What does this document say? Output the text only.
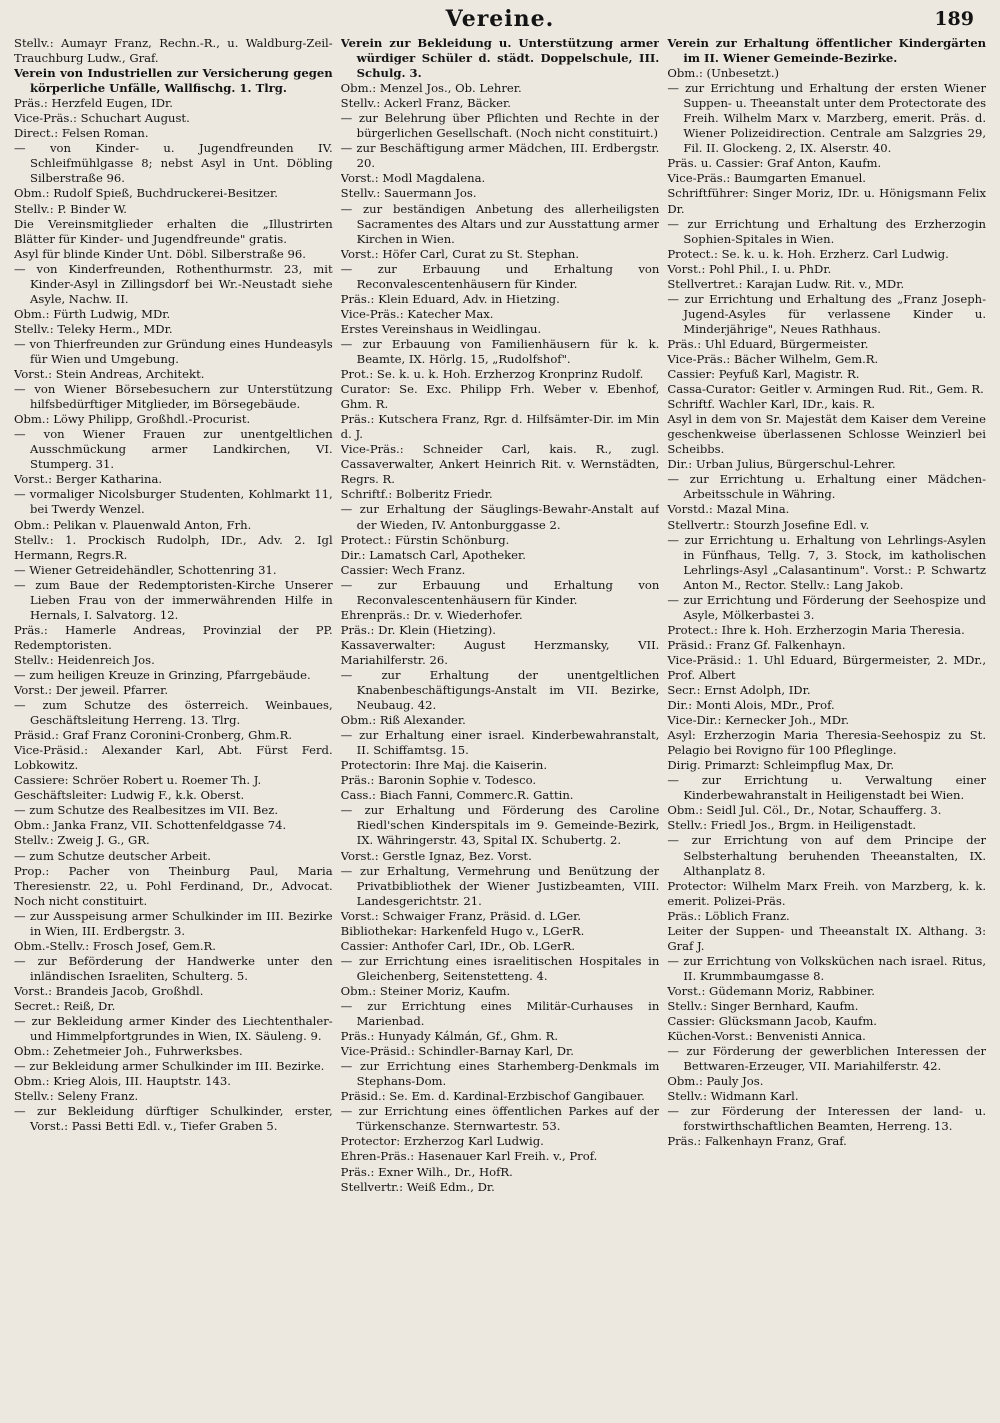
Vereine.	189

Stellv.: Aumayr Franz, Rechn.-R., u. Waldburg-Zeil-Trauchburg Ludw., Graf.

Verein von Industriellen zur Versicherung gegen körperliche Unfälle, Wallfischg. 1. Tlrg.

Präs.: Herzfeld Eugen, IDr.

Vice-Präs.: Schuchart August.

Direct.: Felsen Roman.

— von Kinder- u. Jugendfreunden IV. Schleifmühlgasse 8; nebst Asyl in Unt. Döbling Silberstraße 96.

Obm.: Rudolf Spieß, Buchdruckerei-Besitzer.

Stellv.: P. Binder W.

Die Vereinsmitglieder erhalten die „Illustrirten Blätter für Kinder- und Jugendfreunde" gratis.

Asyl für blinde Kinder Unt. Döbl. Silberstraße 96.

— von Kinderfreunden, Rothenthurmstr. 23, mit Kinder-Asyl in Zillingsdorf bei Wr.-Neustadt siehe Asyle, Nachw. II.

Obm.: Fürth Ludwig, MDr.

Stellv.: Teleky Herm., MDr.

— von Thierfreunden zur Gründung eines Hundeasyls für Wien und Umgebung.

Vorst.: Stein Andreas, Architekt.

— von Wiener Börsebesuchern zur Unterstützung hilfsbedürftiger Mitglieder, im Börsegebäude.

Obm.: Löwy Philipp, Großhdl.-Procurist.

— von Wiener Frauen zur unentgeltlichen Ausschmückung armer Landkirchen, VI. Stumperg. 31.

Vorst.: Berger Katharina.

— vormaliger Nicolsburger Studenten, Kohlmarkt 11, bei Twerdy Wenzel.

Obm.: Pelikan v. Plauenwald Anton, Frh.

Stellv.: 1. Prockisch Rudolph, IDr., Adv. 2. Igl Hermann, Regrs.R.

— Wiener Getreidehändler, Schottenring 31.

— zum Baue der Redemptoristen-Kirche Unserer Lieben Frau von der immerwährenden Hilfe in Hernals, I. Salvatorg. 12.

Präs.: Hamerle Andreas, Provinzial der PP. Redemptoristen.

Stellv.: Heidenreich Jos.

— zum heiligen Kreuze in Grinzing, Pfarrgebäude.

Vorst.: Der jeweil. Pfarrer.

— zum Schutze des österreich. Weinbaues, Geschäftsleitung Herreng. 13. Tlrg.

Präsid.: Graf Franz Coronini-Cronberg, Ghm.R.

Vice-Präsid.: Alexander Karl, Abt. Fürst Ferd. Lobkowitz.

Cassiere: Schröer Robert u. Roemer Th. J.

Geschäftsleiter: Ludwig F., k.k. Oberst.

— zum Schutze des Realbesitzes im VII. Bez.

Obm.: Janka Franz, VII. Schottenfeldgasse 74.

Stellv.: Zweig J. G., GR.

— zum Schutze deutscher Arbeit.

Prop.: Pacher von Theinburg Paul, Maria Theresienstr. 22, u. Pohl Ferdinand, Dr., Advocat. Noch nicht constituirt.

— zur Ausspeisung armer Schulkinder im III. Bezirke in Wien, III. Erdbergstr. 3.

Obm.-Stellv.: Frosch Josef, Gem.R.

— zur Beförderung der Handwerke unter den inländischen Israeliten, Schulterg. 5.

Vorst.: Brandeis Jacob, Großhdl.

Secret.: Reiß, Dr.

— zur Bekleidung armer Kinder des Liechtenthaler- und Himmelpfortgrundes in Wien, IX. Säuleng. 9.

Obm.: Zehetmeier Joh., Fuhrwerksbes.

— zur Bekleidung armer Schulkinder im III. Bezirke.

Obm.: Krieg Alois, III. Hauptstr. 143.

Stellv.: Seleny Franz.

— zur Bekleidung dürftiger Schulkinder, erster, Vorst.: Passi Betti Edl. v., Tiefer Graben 5.

Verein zur Bekleidung u. Unterstützung armer würdiger Schüler d. städt. Doppelschule, III. Schulg. 3.

Obm.: Menzel Jos., Ob. Lehrer.

Stellv.: Ackerl Franz, Bäcker.

— zur Belehrung über Pflichten und Rechte in der bürgerlichen Gesellschaft. (Noch nicht constituirt.)

— zur Beschäftigung armer Mädchen, III. Erdbergstr. 20.

Vorst.: Modl Magdalena.

Stellv.: Sauermann Jos.

— zur beständigen Anbetung des allerheiligsten Sacramentes des Altars und zur Ausstattung armer Kirchen in Wien.

Vorst.: Höfer Carl, Curat zu St. Stephan.

— zur Erbauung und Erhaltung von Reconvalescentenhäusern für Kinder.

Präs.: Klein Eduard, Adv. in Hietzing.

Vice-Präs.: Katecher Max.

Erstes Vereinshaus in Weidlingau.

— zur Erbauung von Familienhäusern für k. k. Beamte, IX. Hörlg. 15, „Rudolfshof".

Prot.: Se. k. u. k. Hoh. Erzherzog Kronprinz Rudolf.

Curator: Se. Exc. Philipp Frh. Weber v. Ebenhof, Ghm. R.

Präs.: Kutschera Franz, Rgr. d. Hilfsämter-Dir. im Min d. J.

Vice-Präs.: Schneider Carl, kais. R., zugl. Cassaverwalter, Ankert Heinrich Rit. v. Wernstädten, Regrs. R.

Schriftf.: Bolberitz Friedr.

— zur Erhaltung der Säuglings-Bewahr-Anstalt auf der Wieden, IV. Antonburggasse 2.

Protect.: Fürstin Schönburg.

Dir.: Lamatsch Carl, Apotheker.

Cassier: Wech Franz.

— zur Erbauung und Erhaltung von Reconvalescentenhäusern für Kinder.

Ehrenpräs.: Dr. v. Wiederhofer.

Präs.: Dr. Klein (Hietzing).

Kassaverwalter: August Herzmansky, VII. Mariahilferstr. 26.

— zur Erhaltung der unentgeltlichen Knabenbeschäftigungs-Anstalt im VII. Bezirke, Neubaug. 42.

Obm.: Riß Alexander.

— zur Erhaltung einer israel. Kinderbewahranstalt, II. Schiffamtsg. 15.

Protectorin: Ihre Maj. die Kaiserin.

Präs.: Baronin Sophie v. Todesco.

Cass.: Biach Fanni, Commerc.R. Gattin.

— zur Erhaltung und Förderung des Caroline Riedl'schen Kinderspitals im 9. Gemeinde-Bezirk, IX. Währingerstr. 43, Spital IX. Schubertg. 2.

Vorst.: Gerstle Ignaz, Bez. Vorst.

— zur Erhaltung, Vermehrung und Benützung der Privatbibliothek der Wiener Justizbeamten, VIII. Landesgerichtstr. 21.

Vorst.: Schwaiger Franz, Präsid. d. LGer.

Bibliothekar: Harkenfeld Hugo v., LGerR.

Cassier: Anthofer Carl, IDr., Ob. LGerR.

— zur Errichtung eines israelitischen Hospitales in Gleichenberg, Seitenstetteng. 4.

Obm.: Steiner Moriz, Kaufm.

— zur Errichtung eines Militär-Curhauses in Marienbad.

Präs.: Hunyady Kálmán, Gf., Ghm. R.

Vice-Präsid.: Schindler-Barnay Karl, Dr.

— zur Errichtung eines Starhemberg-Denkmals im Stephans-Dom.

Präsid.: Se. Em. d. Kardinal-Erzbischof Gangibauer.

— zur Errichtung eines öffentlichen Parkes auf der Türkenschanze. Sternwartestr. 53.

Protector: Erzherzog Karl Ludwig.

Ehren-Präs.: Hasenauer Karl Freih. v., Prof.

Präs.: Exner Wilh., Dr., HofR.

Stellvertr.: Weiß Edm., Dr.

Verein zur Erhaltung öffentlicher Kindergärten im II. Wiener Gemeinde-Bezirke.

Obm.: (Unbesetzt.)

— zur Errichtung und Erhaltung der ersten Wiener Suppen- u. Theeanstalt unter dem Protectorate des Freih. Wilhelm Marx v. Marzberg, emerit. Präs. d. Wiener Polizeidirection. Centrale am Salzgries 29, Fil. II. Glockeng. 2, IX. Alserstr. 40.

Präs. u. Cassier: Graf Anton, Kaufm.

Vice-Präs.: Baumgarten Emanuel.

Schriftführer: Singer Moriz, IDr. u. Hönigsmann Felix Dr.

— zur Errichtung und Erhaltung des Erzherzogin Sophien-Spitales in Wien.

Protect.: Se. k. u. k. Hoh. Erzherz. Carl Ludwig.

Vorst.: Pohl Phil., I. u. PhDr.

Stellvertret.: Karajan Ludw. Rit. v., MDr.

— zur Errichtung und Erhaltung des „Franz Joseph-Jugend-Asyles für verlassene Kinder u. Minderjährige", Neues Rathhaus.

Präs.: Uhl Eduard, Bürgermeister.

Vice-Präs.: Bächer Wilhelm, Gem.R.

Cassier: Peyfuß Karl, Magistr. R.

Cassa-Curator: Geitler v. Armingen Rud. Rit., Gem. R.

Schriftf. Wachler Karl, IDr., kais. R.

Asyl in dem von Sr. Majestät dem Kaiser dem Vereine geschenkweise überlassenen Schlosse Weinzierl bei Scheibbs.

Dir.: Urban Julius, Bürgerschul-Lehrer.

— zur Errichtung u. Erhaltung einer Mädchen-Arbeitsschule in Währing.

Vorstd.: Mazal Mina.

Stellvertr.: Stourzh Josefine Edl. v.

— zur Errichtung u. Erhaltung von Lehrlings-Asylen in Fünfhaus, Tellg. 7, 3. Stock, im katholischen Lehrlings-Asyl „Calasantinum". Vorst.: P. Schwartz Anton M., Rector. Stellv.: Lang Jakob.

— zur Errichtung und Förderung der Seehospize und Asyle, Mölkerbastei 3.

Protect.: Ihre k. Hoh. Erzherzogin Maria Theresia.

Präsid.: Franz Gf. Falkenhayn.

Vice-Präsid.: 1. Uhl Eduard, Bürgermeister, 2. MDr., Prof. Albert

Secr.: Ernst Adolph, IDr.

Dir.: Monti Alois, MDr., Prof.

Vice-Dir.: Kernecker Joh., MDr.

Asyl: Erzherzogin Maria Theresia-Seehospiz zu St. Pelagio bei Rovigno für 100 Pfleglinge.

Dirig. Primarzt: Schleimpflug Max, Dr.

— zur Errichtung u. Verwaltung einer Kinderbewahranstalt in Heiligenstadt bei Wien.

Obm.: Seidl Jul. Cöl., Dr., Notar, Schaufferg. 3.

Stellv.: Friedl Jos., Brgm. in Heiligenstadt.

— zur Errichtung von auf dem Principe der Selbsterhaltung beruhenden Theeanstalten, IX. Althanplatz 8.

Protector: Wilhelm Marx Freih. von Marzberg, k. k. emerit. Polizei-Präs.

Präs.: Löblich Franz.

Leiter der Suppen- und Theeanstalt IX. Althang. 3: Graf J.

— zur Errichtung von Volksküchen nach israel. Ritus, II. Krummbaumgasse 8.

Vorst.: Güdemann Moriz, Rabbiner.

Stellv.: Singer Bernhard, Kaufm.

Cassier: Glücksmann Jacob, Kaufm.

Küchen-Vorst.: Benvenisti Annica.

— zur Förderung der gewerblichen Interessen der Bettwaren-Erzeuger, VII. Mariahilferstr. 42.

Obm.: Pauly Jos.

Stellv.: Widmann Karl.

— zur Förderung der Interessen der land- u. forstwirthschaftlichen Beamten, Herreng. 13.

Präs.: Falkenhayn Franz, Graf.
